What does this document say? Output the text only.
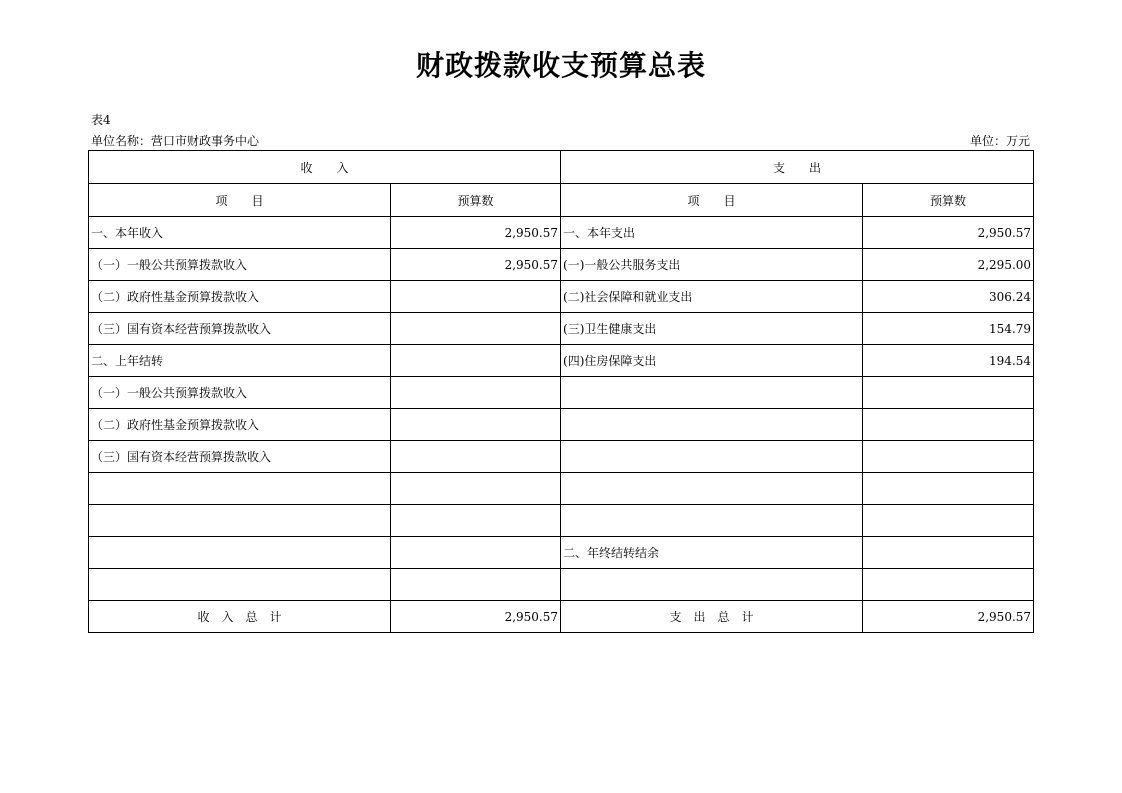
财政拨款收支预算总表
表4
单位名称：营口市财政事务中心	单位：万元
收　　入		支　　出	
项　　目	预算数	项　　目	预算数
一、本年收入	2,950.57	一、本年支出	2,950.57
（一）一般公共预算拨款收入	2,950.57	(一)一般公共服务支出	2,295.00
（二）政府性基金预算拨款收入		(二)社会保障和就业支出	306.24
（三）国有资本经营预算拨款收入		(三)卫生健康支出	154.79
二、上年结转		(四)住房保障支出	194.54
（一）一般公共预算拨款收入			
（二）政府性基金预算拨款收入			
（三）国有资本经营预算拨款收入			

		二、年终结转结余	

收　入　总　计	2,950.57	支　出　总　计	2,950.57
